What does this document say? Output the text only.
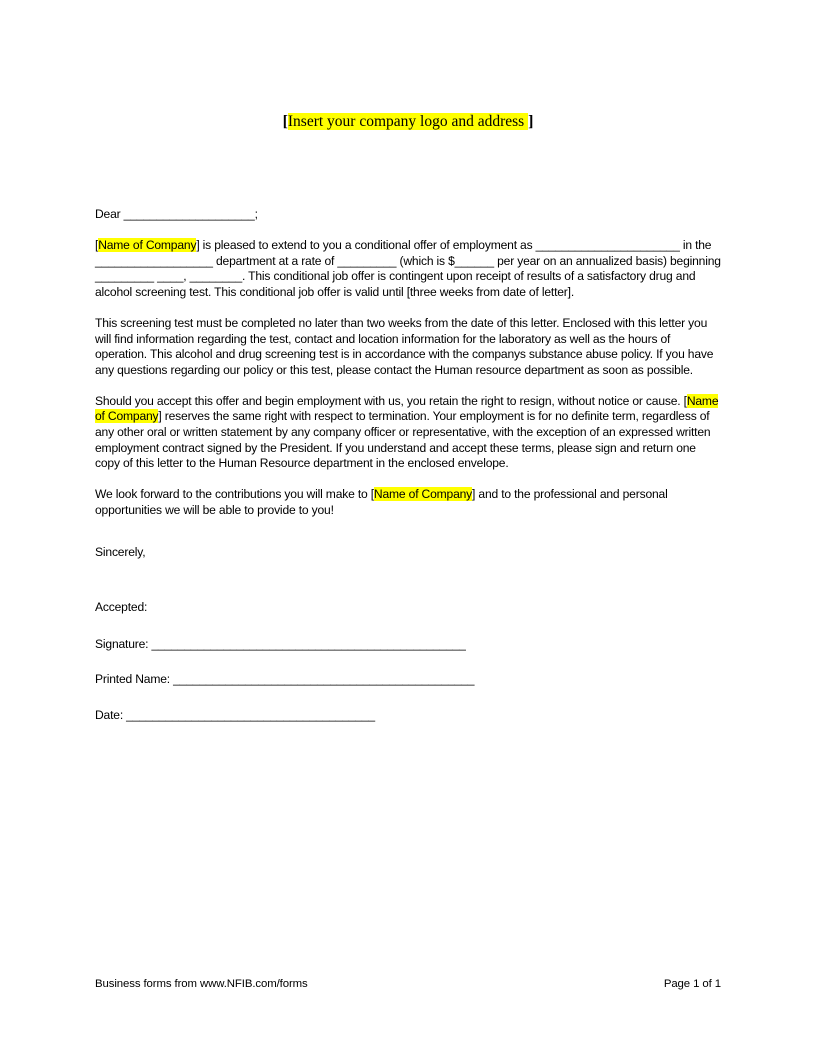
[Insert your company logo and address ]
Dear ____________________;
[Name of Company] is pleased to extend to you a conditional offer of employment as ______________________ in the __________________ department at a rate of _________ (which is $______ per year on an annualized basis) beginning _________ ____, ________. This conditional job offer is contingent upon receipt of results of a satisfactory drug and alcohol screening test. This conditional job offer is valid until [three weeks from date of letter].
This screening test must be completed no later than two weeks from the date of this letter. Enclosed with this letter you will find information regarding the test, contact and location information for the laboratory as well as the hours of operation. This alcohol and drug screening test is in accordance with the companys substance abuse policy. If you have any questions regarding our policy or this test, please contact the Human resource department as soon as possible.
Should you accept this offer and begin employment with us, you retain the right to resign, without notice or cause. [Name of Company] reserves the same right with respect to termination. Your employment is for no definite term, regardless of any other oral or written statement by any company officer or representative, with the exception of an expressed written employment contract signed by the President. If you understand and accept these terms, please sign and return one copy of this letter to the Human Resource department in the enclosed envelope.
We look forward to the contributions you will make to [Name of Company] and to the professional and personal opportunities we will be able to provide to you!
Sincerely,
Accepted:
Signature: ________________________________________________
Printed Name: ______________________________________________
Date: ______________________________________
Business forms from www.NFIB.com/forms	Page 1 of 1
